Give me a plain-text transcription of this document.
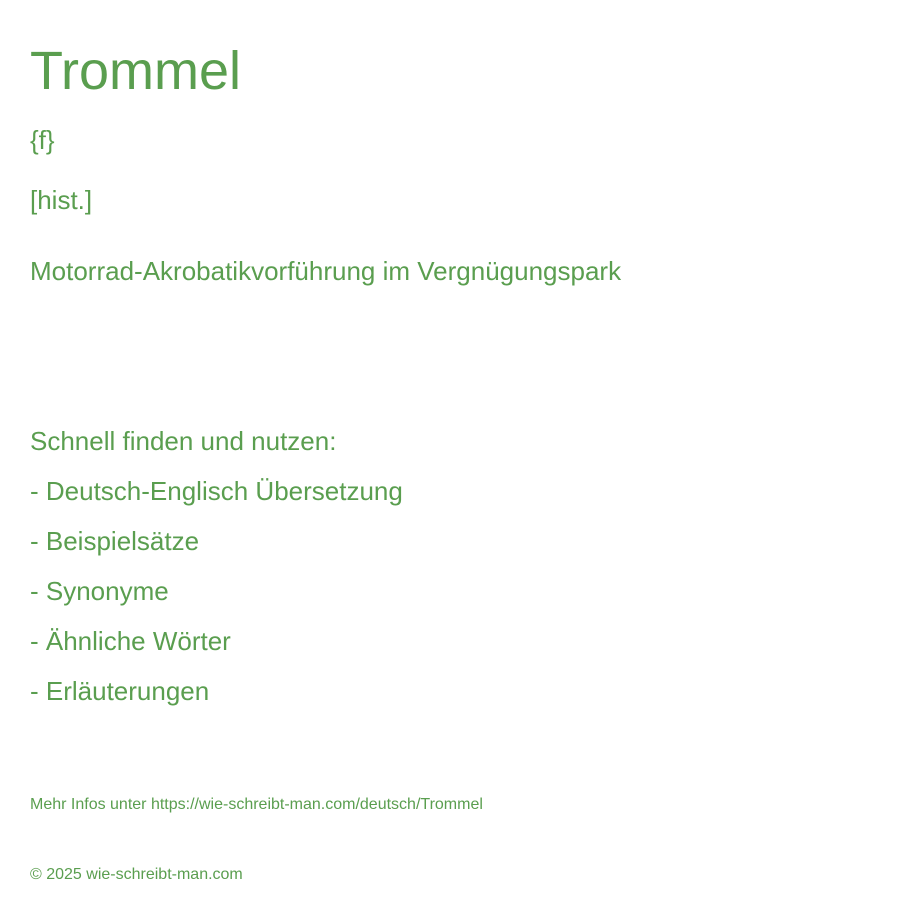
Trommel
{f}
[hist.]
Motorrad-Akrobatikvorführung im Vergnügungspark
Schnell finden und nutzen:
- Deutsch-Englisch Übersetzung
- Beispielsätze
- Synonyme
- Ähnliche Wörter
- Erläuterungen
Mehr Infos unter https://wie-schreibt-man.com/deutsch/Trommel
© 2025 wie-schreibt-man.com
